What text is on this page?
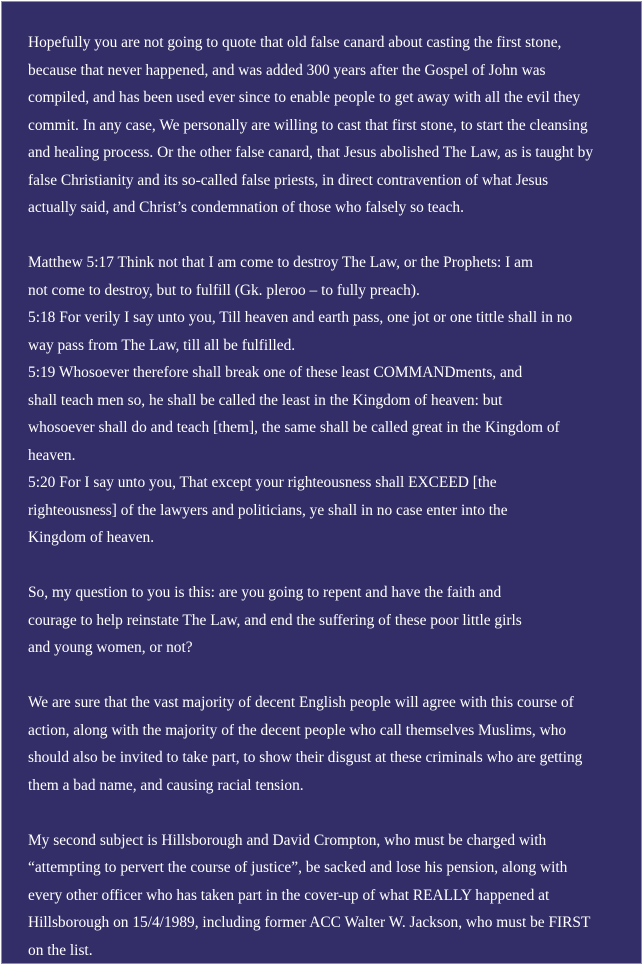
Hopefully you are not going to quote that old false canard about casting the first stone,
because that never happened, and was added 300 years after the Gospel of John was
compiled, and has been used ever since to enable people to get away with all the evil they
commit. In any case, We personally are willing to cast that first stone, to start the cleansing
and healing process. Or the other false canard, that Jesus abolished The Law, as is taught by
false Christianity and its so-called false priests, in direct contravention of what Jesus
actually said, and Christ’s condemnation of those who falsely so teach.

Matthew 5:17 Think not that I am come to destroy The Law, or the Prophets: I am
not come to destroy, but to fulfill (Gk. pleroo – to fully preach).
5:18 For verily I say unto you, Till heaven and earth pass, one jot or one tittle shall in no
way pass from The Law, till all be fulfilled.
5:19 Whosoever therefore shall break one of these least COMMANDments, and
shall teach men so, he shall be called the least in the Kingdom of heaven: but
whosoever shall do and teach [them], the same shall be called great in the Kingdom of
heaven.
5:20 For I say unto you, That except your righteousness shall EXCEED [the
righteousness] of the lawyers and politicians, ye shall in no case enter into the
Kingdom of heaven.

So, my question to you is this: are you going to repent and have the faith and
courage to help reinstate The Law, and end the suffering of these poor little girls
and young women, or not?

We are sure that the vast majority of decent English people will agree with this course of
action, along with the majority of the decent people who call themselves Muslims, who
should also be invited to take part, to show their disgust at these criminals who are getting
them a bad name, and causing racial tension.

My second subject is Hillsborough and David Crompton, who must be charged with
“attempting to pervert the course of justice”, be sacked and lose his pension, along with
every other officer who has taken part in the cover-up of what REALLY happened at
Hillsborough on 15/4/1989, including former ACC Walter W. Jackson, who must be FIRST
on the list.
